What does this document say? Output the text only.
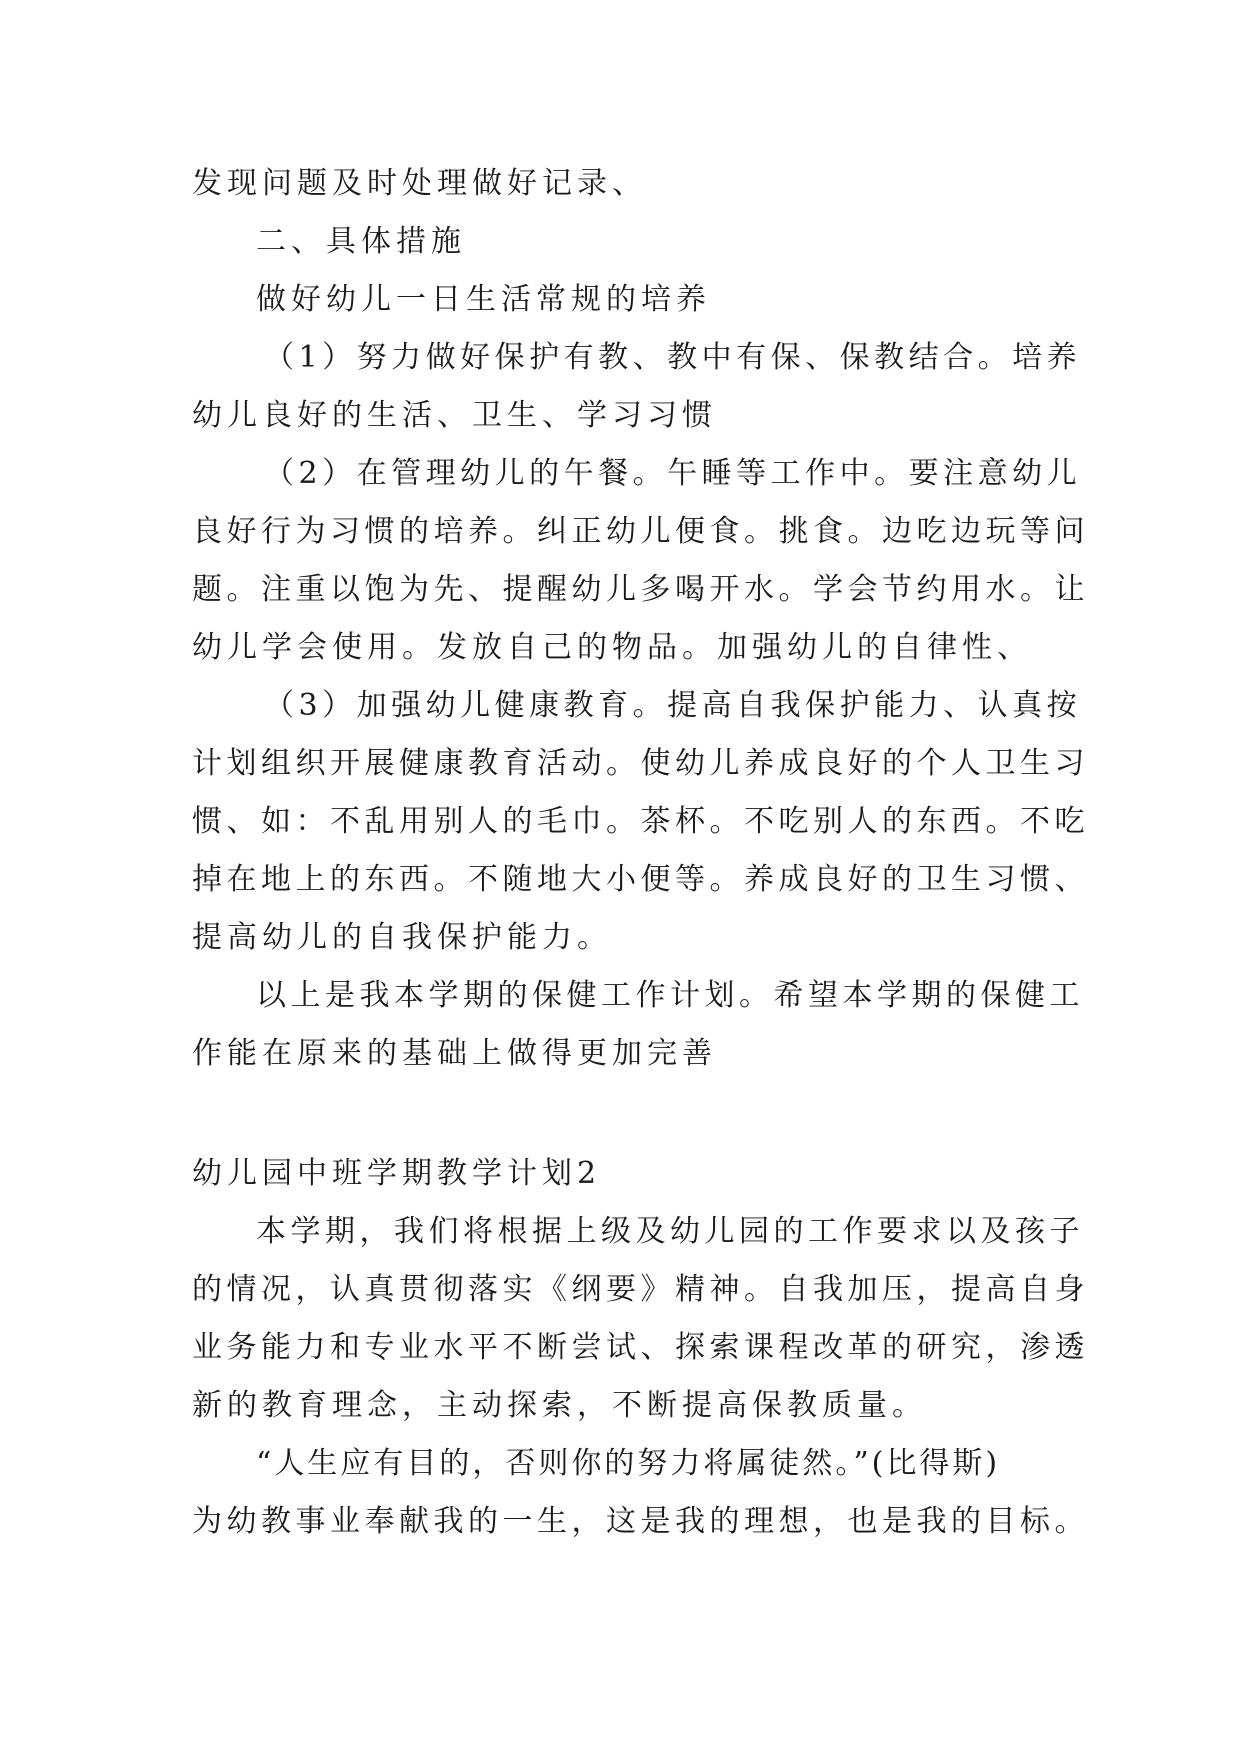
发现问题及时处理做好记录、
二、具体措施
做好幼儿一日生活常规的培养
（1）努力做好保护有教、教中有保、保教结合。培养
幼儿良好的生活、卫生、学习习惯
（2）在管理幼儿的午餐。午睡等工作中。要注意幼儿
良好行为习惯的培养。纠正幼儿便食。挑食。边吃边玩等问
题。注重以饱为先、提醒幼儿多喝开水。学会节约用水。让
幼儿学会使用。发放自己的物品。加强幼儿的自律性、
（3）加强幼儿健康教育。提高自我保护能力、认真按
计划组织开展健康教育活动。使幼儿养成良好的个人卫生习
惯、如：不乱用别人的毛巾。茶杯。不吃别人的东西。不吃
掉在地上的东西。不随地大小便等。养成良好的卫生习惯、
提高幼儿的自我保护能力。
以上是我本学期的保健工作计划。希望本学期的保健工
作能在原来的基础上做得更加完善
幼儿园中班学期教学计划2
本学期，我们将根据上级及幼儿园的工作要求以及孩子
的情况，认真贯彻落实《纲要》精神。自我加压，提高自身
业务能力和专业水平不断尝试、探索课程改革的研究，渗透
新的教育理念，主动探索，不断提高保教质量。
“人生应有目的，否则你的努力将属徒然。”(比得斯)
为幼教事业奉献我的一生，这是我的理想，也是我的目标。
